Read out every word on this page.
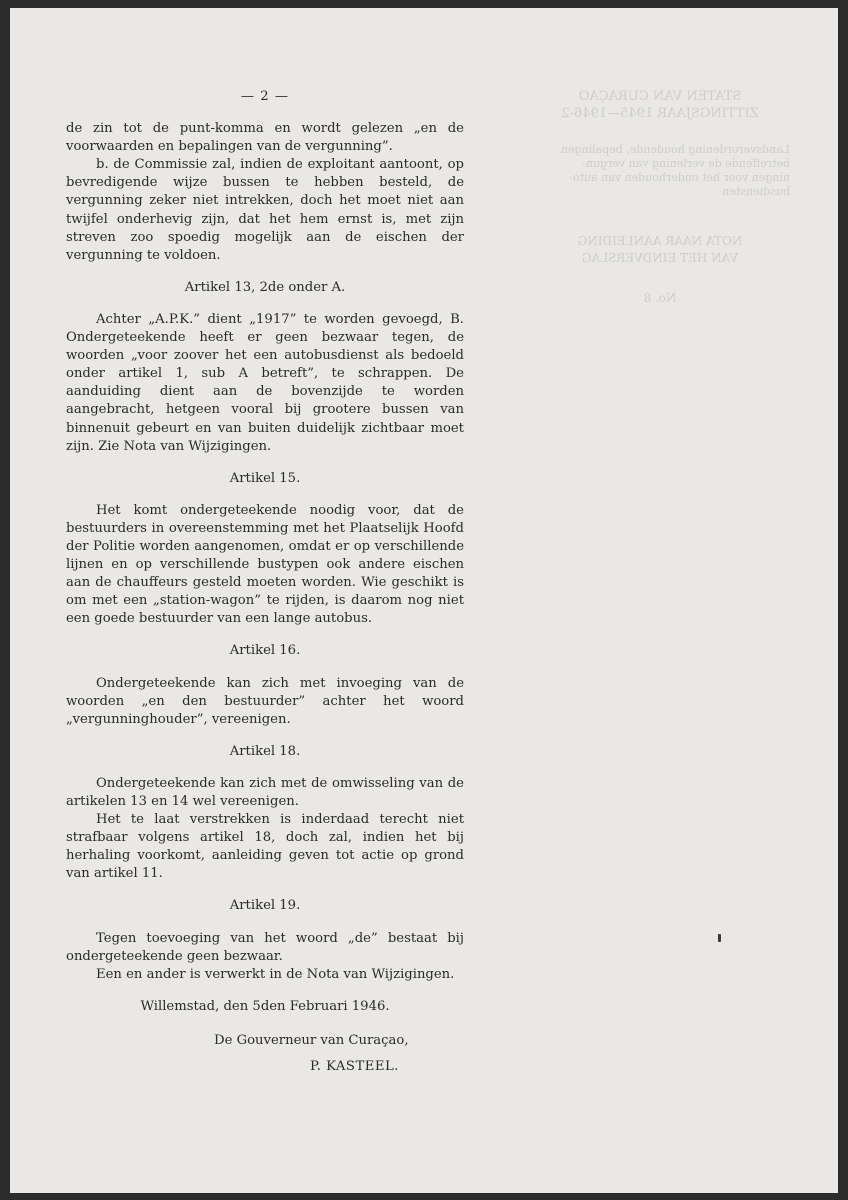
STATEN VAN CURAÇAO
ZITTINGSJAAR 1945—1946-2
Landsverordening houdende, bepalingen
betreffende de verlening van vergun-
ningen voor het onderhouden van auto-
busdiensten
NOTA NAAR AANLEIDING
VAN HET EINDVERSLAG
No. 8
— 2 —

de zin tot de punt-komma en wordt gelezen „en de voorwaarden en bepalingen van de vergunning”.

b. de Commissie zal, indien de exploitant aantoont, op bevredigende wijze bussen te hebben besteld, de vergunning zeker niet intrekken, doch het moet niet aan twijfel onderhevig zijn, dat het hem ernst is, met zijn streven zoo spoedig mogelijk aan de eischen der vergunning te voldoen.

Artikel 13, 2de onder A.

Achter „A.P.K.” dient „1917” te worden gevoegd, B. Ondergeteekende heeft er geen bezwaar tegen, de woorden „voor zoover het een autobusdienst als bedoeld onder artikel 1, sub A betreft”, te schrappen. De aanduiding dient aan de bovenzijde te worden aangebracht, hetgeen vooral bij grootere bussen van binnenuit gebeurt en van buiten duidelijk zichtbaar moet zijn. Zie Nota van Wijzigingen.

Artikel 15.

Het komt ondergeteekende noodig voor, dat de bestuurders in overeenstemming met het Plaatselijk Hoofd der Politie worden aangenomen, omdat er op verschillende lijnen en op verschillende bustypen ook andere eischen aan de chauffeurs gesteld moeten worden. Wie geschikt is om met een „station-wagon” te rijden, is daarom nog niet een goede bestuurder van een lange autobus.

Artikel 16.

Ondergeteekende kan zich met invoeging van de woorden „en den bestuurder” achter het woord „vergunninghouder”, vereenigen.

Artikel 18.

Ondergeteekende kan zich met de omwisseling van de artikelen 13 en 14 wel vereenigen.

Het te laat verstrekken is inderdaad terecht niet strafbaar volgens artikel 18, doch zal, indien het bij herhaling voorkomt, aanleiding geven tot actie op grond van artikel 11.

Artikel 19.

Tegen toevoeging van het woord „de” bestaat bij ondergeteekende geen bezwaar.

Een en ander is verwerkt in de Nota van Wijzigingen.

Willemstad, den 5den Februari 1946.
De Gouverneur van Curaçao,
P. KASTEEL.
